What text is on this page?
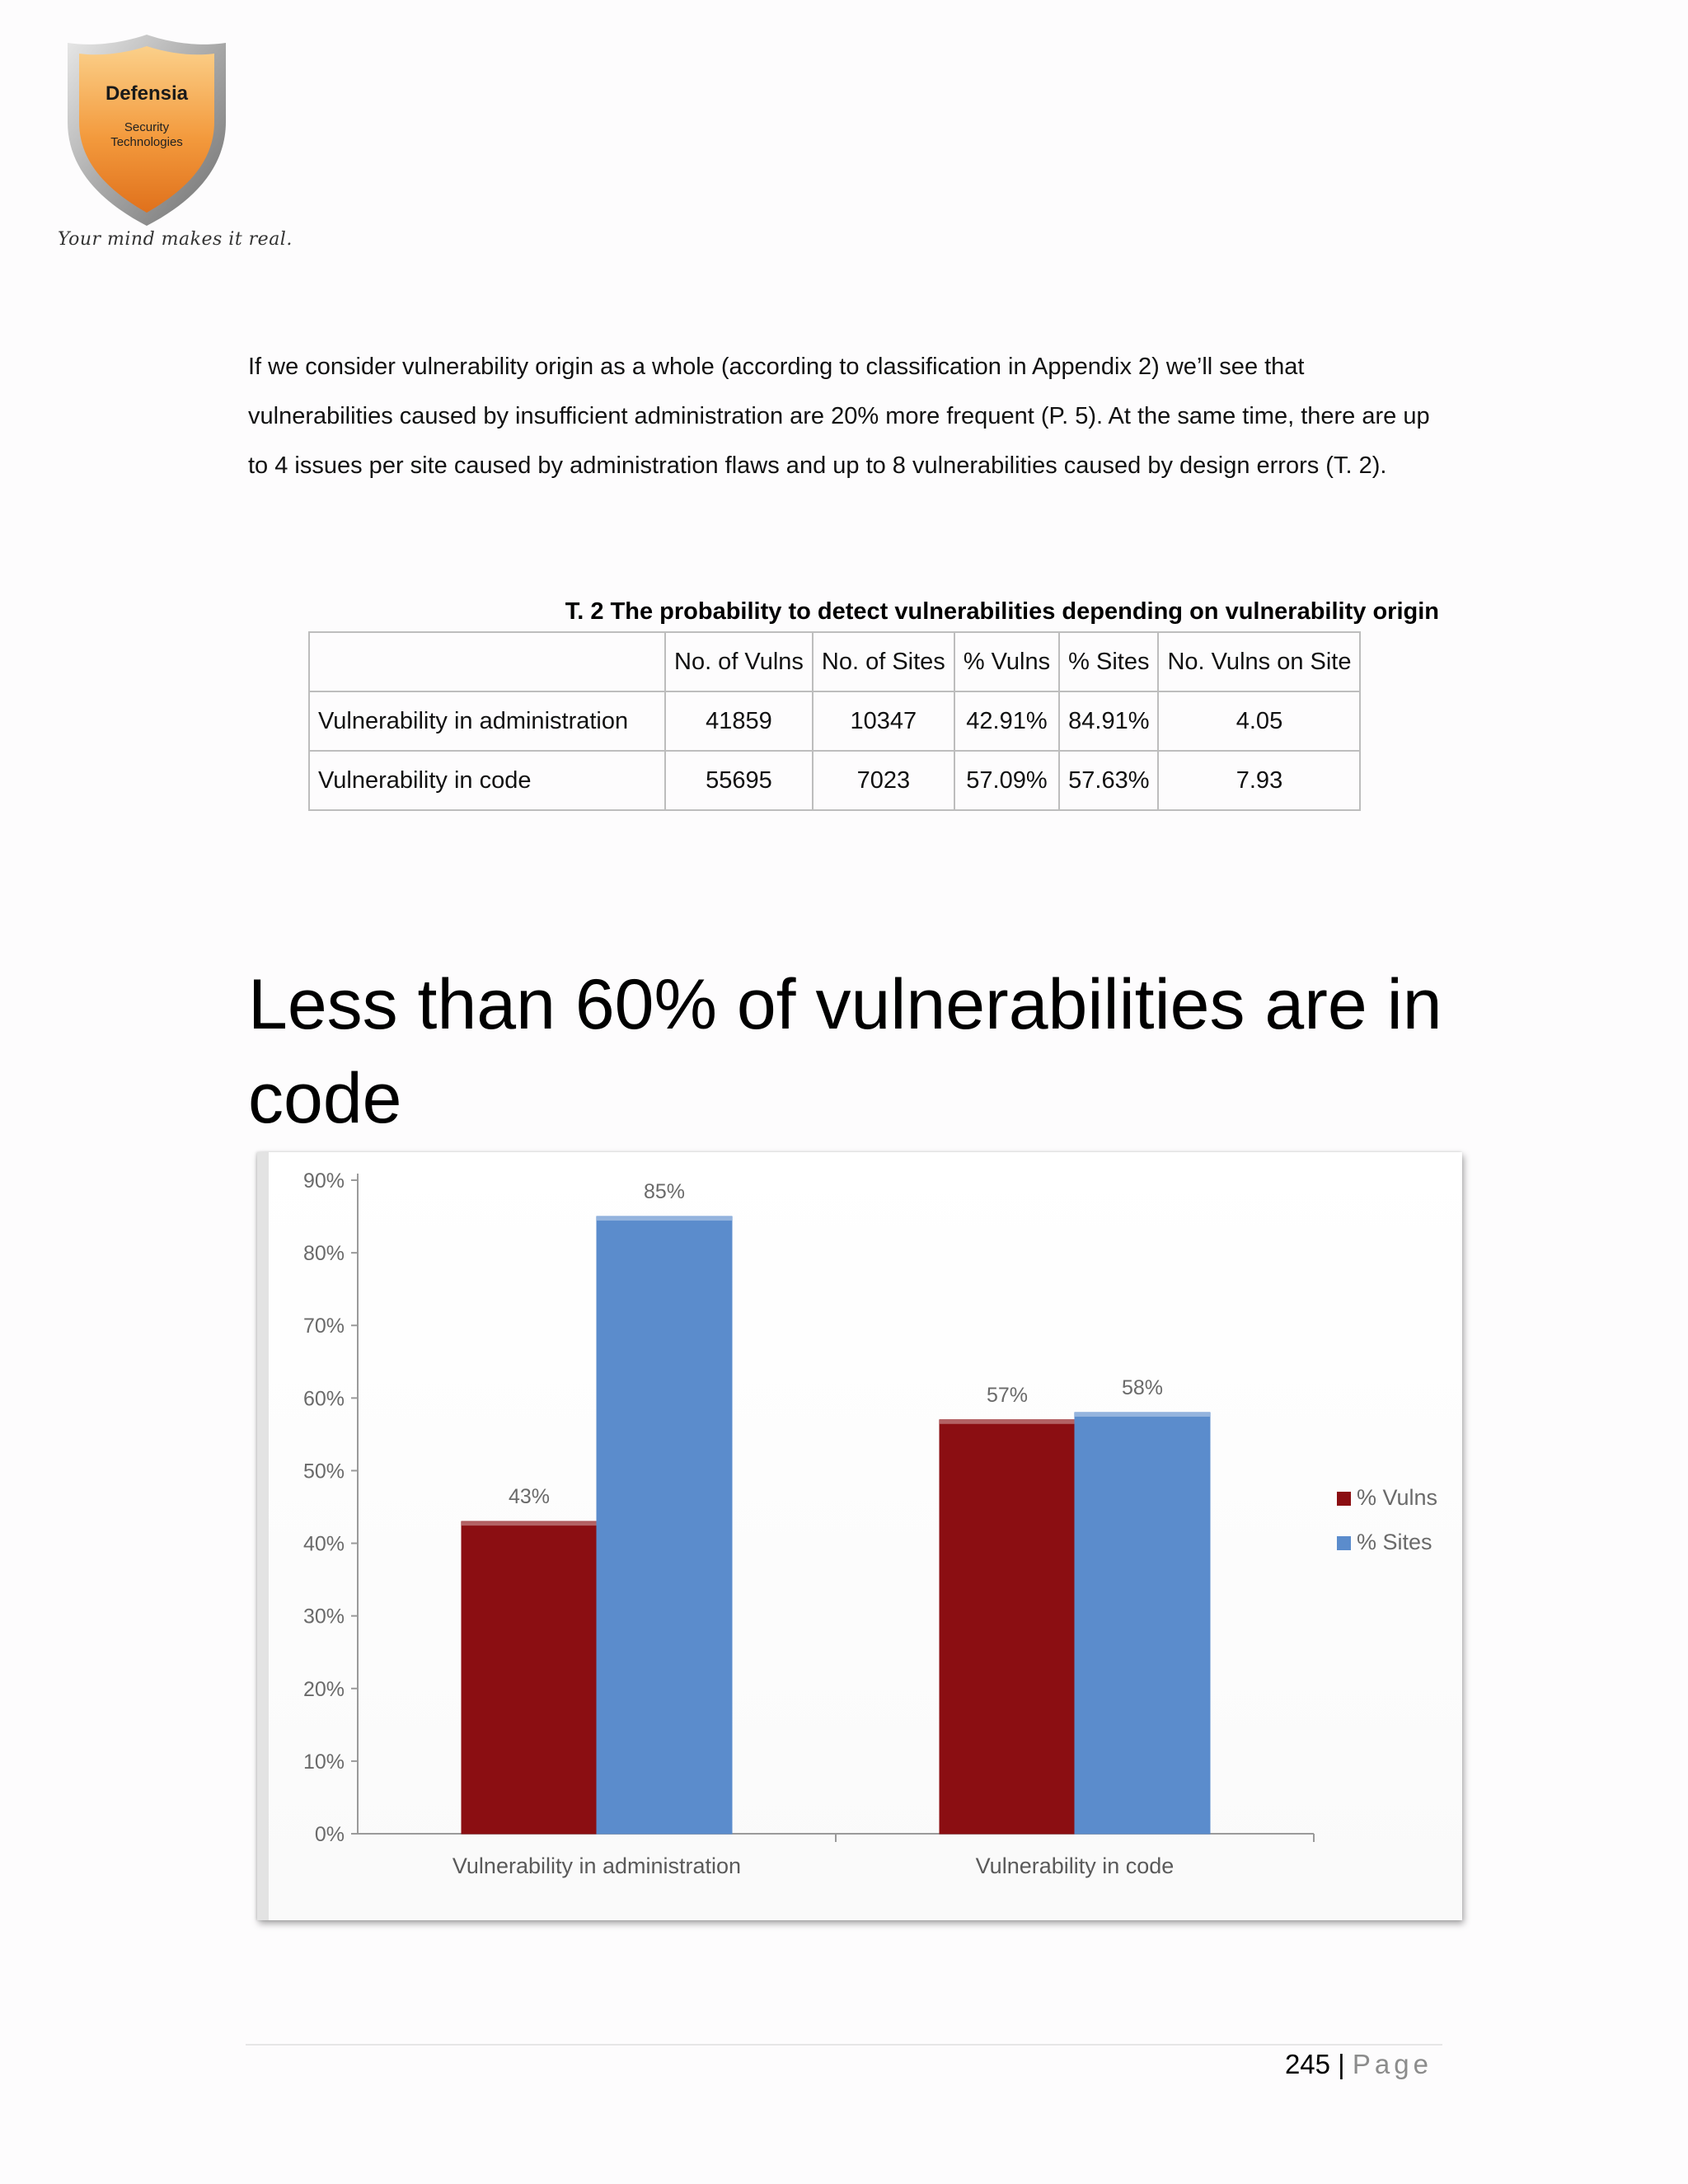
Defensia
Security
Technologies
Your mind makes it real.

If we consider vulnerability origin as a whole (according to classification in Appendix 2) we’ll see that vulnerabilities caused by insufficient administration are 20% more frequent (P. 5). At the same time, there are up to 4 issues per site caused by administration flaws and up to 8 vulnerabilities caused by design errors (T. 2).

T. 2 The probability to detect vulnerabilities depending on vulnerability origin
	No. of Vulns	No. of Sites	% Vulns	% Sites	No. Vulns on Site
Vulnerability in administration	41859	10347	42.91%	84.91%	4.05
Vulnerability in code	55695	7023	57.09%	57.63%	7.93
Less than 60% of vulnerabilities are in code
0%
10%
20%
30%
40%
50%
60%
70%
80%
90%
43%
85%
Vulnerability in administration
57%	58%
Vulnerability in code
% Vulns
% Sites
245 | Page
